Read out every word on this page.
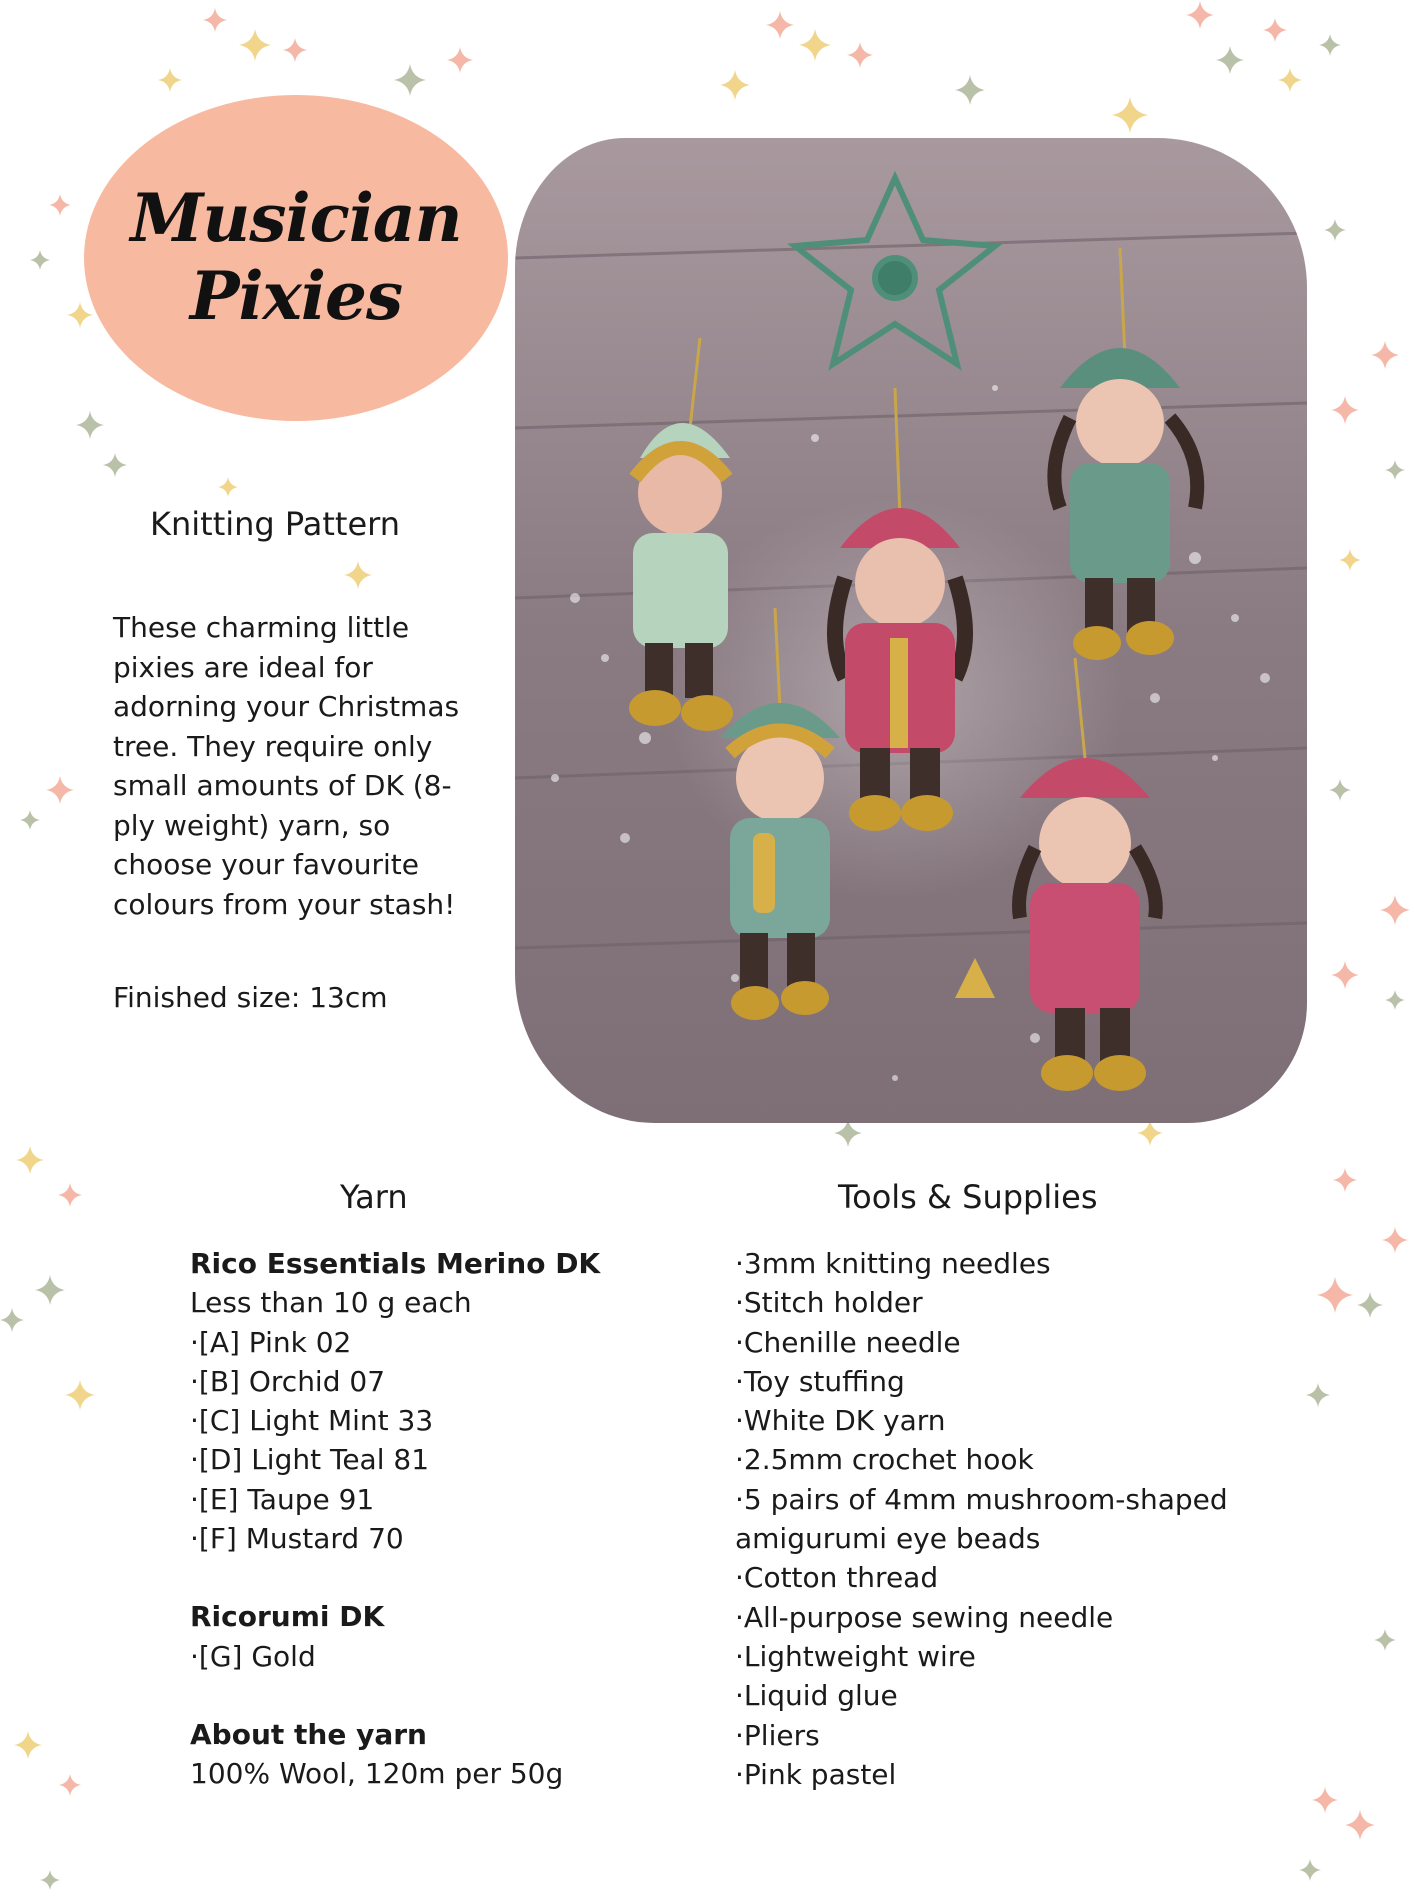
Musician
Pixies
Knitting Pattern
These charming little
pixies are ideal for
adorning your Christmas
tree. They require only
small amounts of DK (8-
ply weight) yarn, so
choose your favourite
colours from your stash!
Finished size: 13cm
Yarn	Tools & Supplies
Rico Essentials Merino DK
Less than 10 g each
·[A] Pink 02
·[B] Orchid 07
·[C] Light Mint 33
·[D] Light Teal 81
·[E] Taupe 91
·[F] Mustard 70
Ricorumi DK
·[G] Gold
About the yarn
100% Wool, 120m per 50g
·3mm knitting needles
·Stitch holder
·Chenille needle
·Toy stuffing
·White DK yarn
·2.5mm crochet hook
·5 pairs of 4mm mushroom-shaped
amigurumi eye beads
·Cotton thread
·All-purpose sewing needle
·Lightweight wire
·Liquid glue
·Pliers
·Pink pastel
